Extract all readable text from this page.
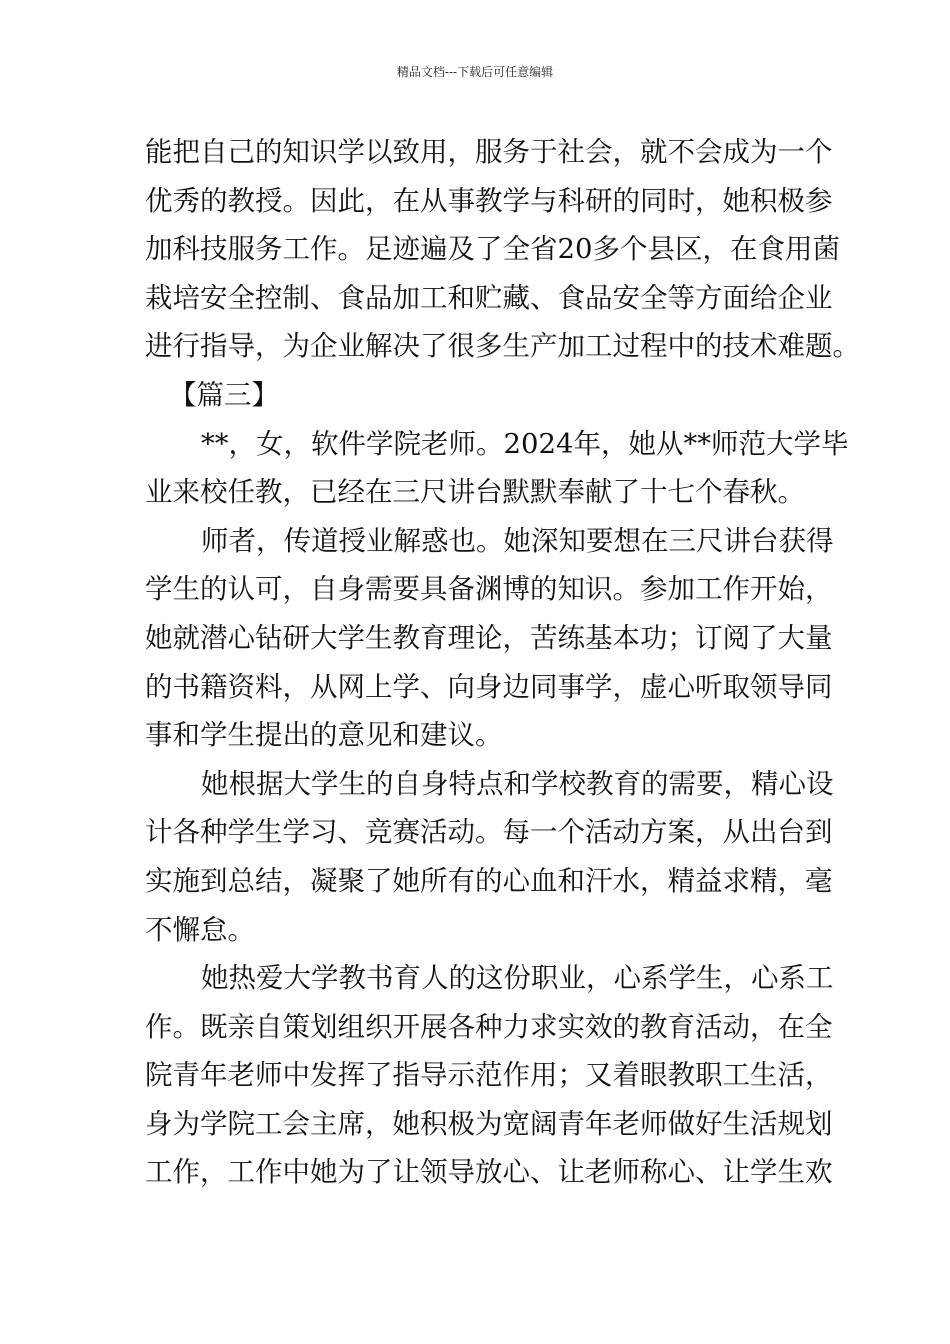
精品文档---下载后可任意编辑
能把自己的知识学以致用，服务于社会，就不会成为一个
优秀的教授。因此，在从事教学与科研的同时，她积极参
加科技服务工作。足迹遍及了全省20多个县区，在食用菌
栽培安全控制、食品加工和贮藏、食品安全等方面给企业
进行指导，为企业解决了很多生产加工过程中的技术难题。
【篇三】
**，女，软件学院老师。2024年，她从**师范大学毕
业来校任教，已经在三尺讲台默默奉献了十七个春秋。
师者，传道授业解惑也。她深知要想在三尺讲台获得
学生的认可，自身需要具备渊博的知识。参加工作开始，
她就潜心钻研大学生教育理论，苦练基本功；订阅了大量
的书籍资料，从网上学、向身边同事学，虚心听取领导同
事和学生提出的意见和建议。
她根据大学生的自身特点和学校教育的需要，精心设
计各种学生学习、竞赛活动。每一个活动方案，从出台到
实施到总结，凝聚了她所有的心血和汗水，精益求精，毫
不懈怠。
她热爱大学教书育人的这份职业，心系学生，心系工
作。既亲自策划组织开展各种力求实效的教育活动，在全
院青年老师中发挥了指导示范作用；又着眼教职工生活，
身为学院工会主席，她积极为宽阔青年老师做好生活规划
工作，工作中她为了让领导放心、让老师称心、让学生欢
